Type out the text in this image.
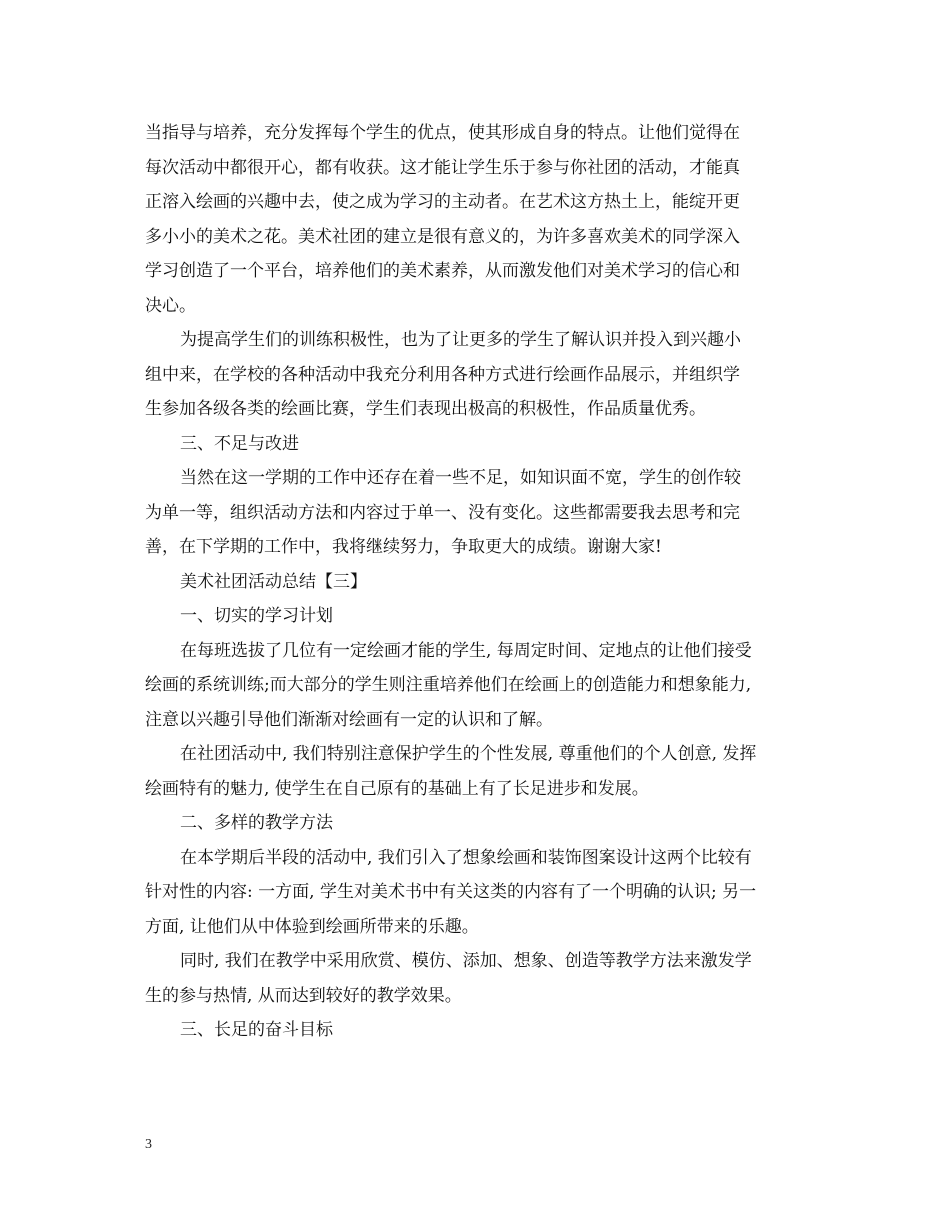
当指导与培养，充分发挥每个学生的优点，使其形成自身的特点。让他们觉得在
每次活动中都很开心，都有收获。这才能让学生乐于参与你社团的活动，才能真
正溶入绘画的兴趣中去，使之成为学习的主动者。在艺术这方热土上，能绽开更
多小小的美术之花。美术社团的建立是很有意义的，为许多喜欢美术的同学深入
学习创造了一个平台，培养他们的美术素养，从而激发他们对美术学习的信心和
决心。
为提高学生们的训练积极性，也为了让更多的学生了解认识并投入到兴趣小
组中来，在学校的各种活动中我充分利用各种方式进行绘画作品展示，并组织学
生参加各级各类的绘画比赛，学生们表现出极高的积极性，作品质量优秀。
三、不足与改进
当然在这一学期的工作中还存在着一些不足，如知识面不宽，学生的创作较
为单一等，组织活动方法和内容过于单一、没有变化。这些都需要我去思考和完
善，在下学期的工作中，我将继续努力，争取更大的成绩。谢谢大家!
美术社团活动总结【三】
一、切实的学习计划
在每班选拔了几位有一定绘画才能的学生, 每周定时间、定地点的让他们接受
绘画的系统训练;而大部分的学生则注重培养他们在绘画上的创造能力和想象能力,
注意以兴趣引导他们渐渐对绘画有一定的认识和了解。
在社团活动中, 我们特别注意保护学生的个性发展, 尊重他们的个人创意, 发挥
绘画特有的魅力, 使学生在自己原有的基础上有了长足进步和发展。
二、多样的教学方法
在本学期后半段的活动中, 我们引入了想象绘画和装饰图案设计这两个比较有
针对性的内容: 一方面, 学生对美术书中有关这类的内容有了一个明确的认识; 另一
方面, 让他们从中体验到绘画所带来的乐趣。
同时, 我们在教学中采用欣赏、模仿、添加、想象、创造等教学方法来激发学
生的参与热情, 从而达到较好的教学效果。
三、长足的奋斗目标
3
